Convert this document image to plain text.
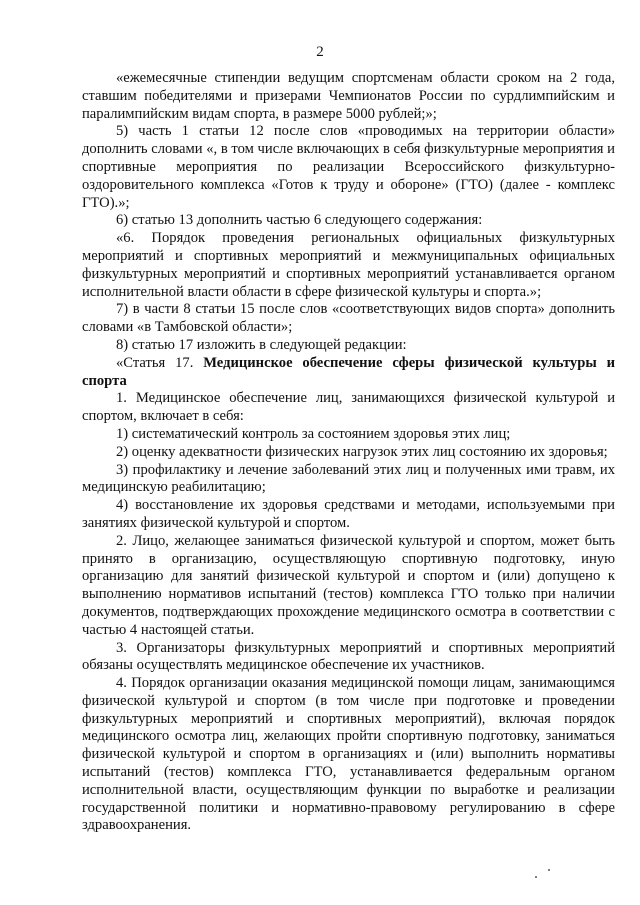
2

«ежемесячные стипендии ведущим спортсменам области сроком на 2 года, ставшим победителями и призерами Чемпионатов России по сурдлимпийским и паралимпийским видам спорта, в размере 5000 рублей;»;

5) часть 1 статьи 12 после слов «проводимых на территории области» дополнить словами «, в том числе включающих в себя физкультурные мероприятия и спортивные мероприятия по реализации Всероссийского физкультурно-оздоровительного комплекса «Готов к труду и обороне» (ГТО) (далее - комплекс ГТО).»;

6) статью 13 дополнить частью 6 следующего содержания:

«6. Порядок проведения региональных официальных физкультурных мероприятий и спортивных мероприятий и межмуниципальных официальных физкультурных мероприятий и спортивных мероприятий устанавливается органом исполнительной власти области в сфере физической культуры и спорта.»;

7) в части 8 статьи 15 после слов «соответствующих видов спорта» дополнить словами «в Тамбовской области»;

8) статью 17 изложить в следующей редакции:

«Статья 17. Медицинское обеспечение сферы физической культуры и спорта

1. Медицинское обеспечение лиц, занимающихся физической культурой и спортом, включает в себя:

1) систематический контроль за состоянием здоровья этих лиц;

2) оценку адекватности физических нагрузок этих лиц состоянию их здоровья;

3) профилактику и лечение заболеваний этих лиц и полученных ими травм, их медицинскую реабилитацию;

4) восстановление их здоровья средствами и методами, используемыми при занятиях физической культурой и спортом.

2. Лицо, желающее заниматься физической культурой и спортом, может быть принято в организацию, осуществляющую спортивную подготовку, иную организацию для занятий физической культурой и спортом и (или) допущено к выполнению нормативов испытаний (тестов) комплекса ГТО только при наличии документов, подтверждающих прохождение медицинского осмотра в соответствии с частью 4 настоящей статьи.

3. Организаторы физкультурных мероприятий и спортивных мероприятий обязаны осуществлять медицинское обеспечение их участников.

4. Порядок организации оказания медицинской помощи лицам, занимающимся физической культурой и спортом (в том числе при подготовке и проведении физкультурных мероприятий и спортивных мероприятий), включая порядок медицинского осмотра лиц, желающих пройти спортивную подготовку, заниматься физической культурой и спортом в организациях и (или) выполнить нормативы испытаний (тестов) комплекса ГТО, устанавливается федеральным органом исполнительной власти, осуществляющим функции по выработке и реализации государственной политики и нормативно-правовому регулированию в сфере здравоохранения.
